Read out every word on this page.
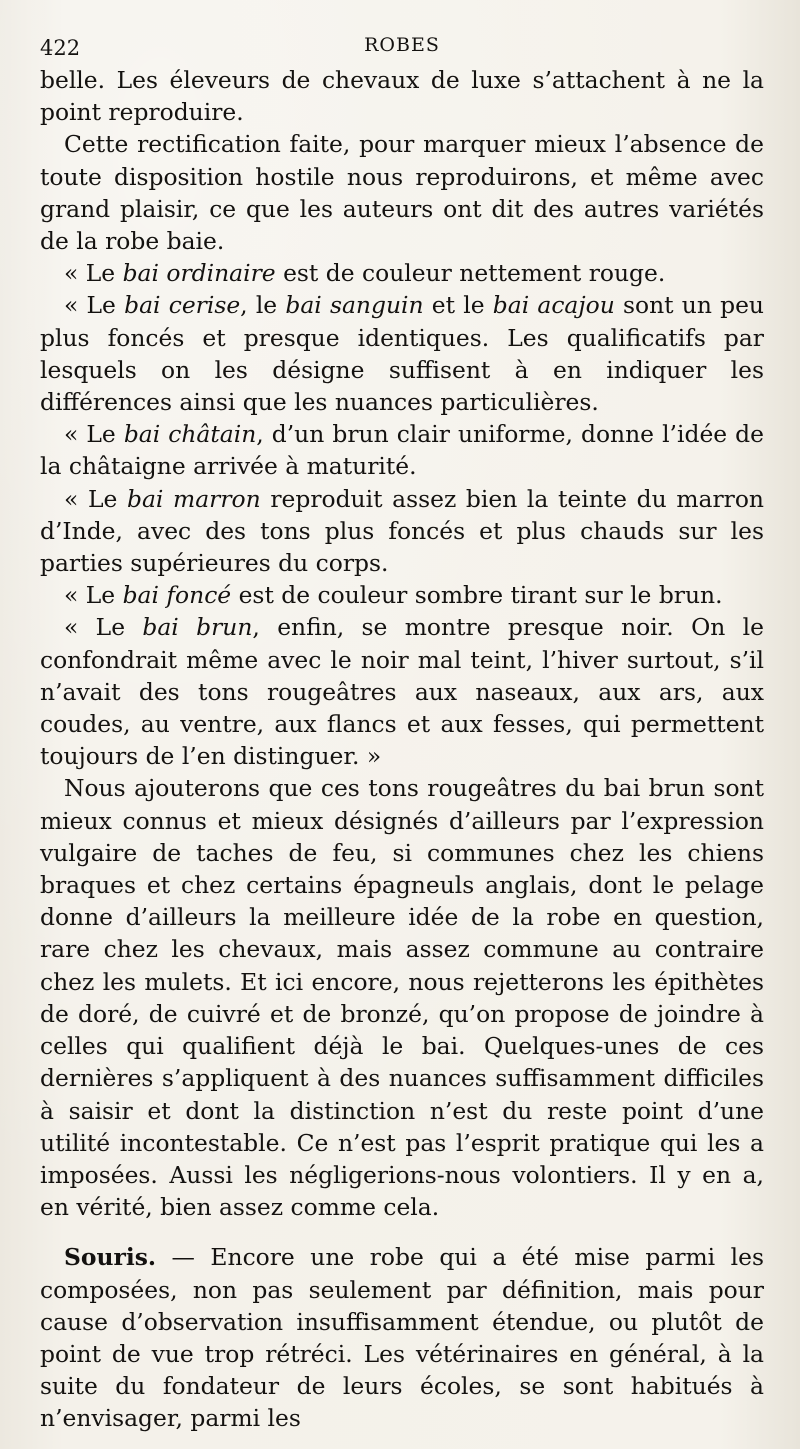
422	ROBES

belle. Les éleveurs de chevaux de luxe s’attachent à ne la point reproduire.

Cette rectification faite, pour marquer mieux l’absence de toute disposition hostile nous reproduirons, et même avec grand plaisir, ce que les auteurs ont dit des autres variétés de la robe baie.

« Le bai ordinaire est de couleur nettement rouge.

« Le bai cerise, le bai sanguin et le bai acajou sont un peu plus foncés et presque identiques. Les qualificatifs par lesquels on les désigne suffisent à en indiquer les différences ainsi que les nuances particulières.

« Le bai châtain, d’un brun clair uniforme, donne l’idée de la châtaigne arrivée à maturité.

« Le bai marron reproduit assez bien la teinte du marron d’Inde, avec des tons plus foncés et plus chauds sur les parties supérieures du corps.

« Le bai foncé est de couleur sombre tirant sur le brun.

« Le bai brun, enfin, se montre presque noir. On le confondrait même avec le noir mal teint, l’hiver surtout, s’il n’avait des tons rougeâtres aux naseaux, aux ars, aux coudes, au ventre, aux flancs et aux fesses, qui permettent toujours de l’en distinguer. »

Nous ajouterons que ces tons rougeâtres du bai brun sont mieux connus et mieux désignés d’ailleurs par l’expression vulgaire de taches de feu, si communes chez les chiens braques et chez certains épagneuls anglais, dont le pelage donne d’ailleurs la meilleure idée de la robe en question, rare chez les chevaux, mais assez commune au contraire chez les mulets. Et ici encore, nous rejetterons les épithètes de doré, de cuivré et de bronzé, qu’on propose de joindre à celles qui qualifient déjà le bai. Quelques-unes de ces dernières s’appliquent à des nuances suffisamment difficiles à saisir et dont la distinction n’est du reste point d’une utilité incontestable. Ce n’est pas l’esprit pratique qui les a imposées. Aussi les négligerions-nous volontiers. Il y en a, en vérité, bien assez comme cela.

Souris. — Encore une robe qui a été mise parmi les composées, non pas seulement par définition, mais pour cause d’observation insuffisamment étendue, ou plutôt de point de vue trop rétréci. Les vétérinaires en général, à la suite du fondateur de leurs écoles, se sont habitués à n’envisager, parmi les
